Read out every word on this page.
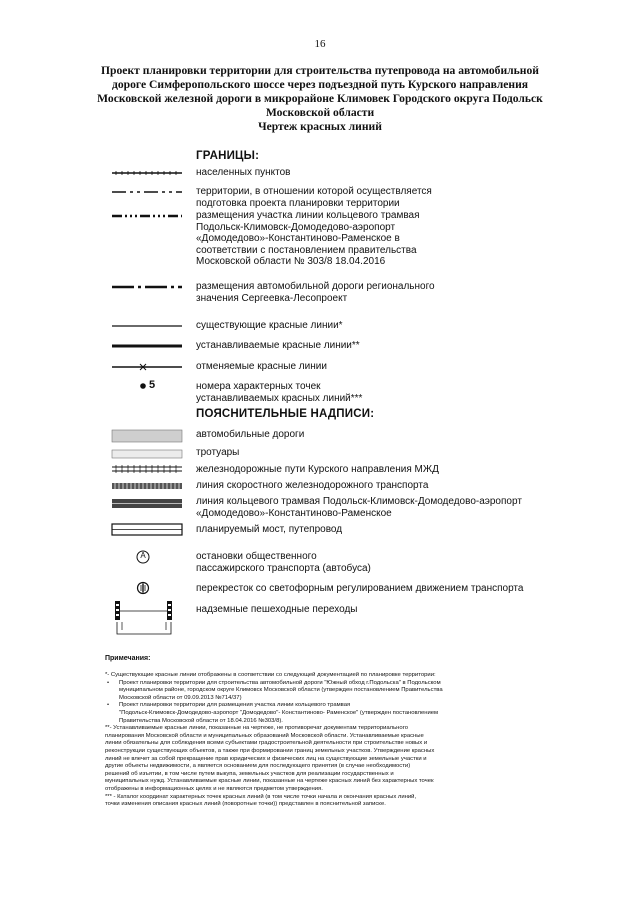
16
Проект планировки территории для строительства путепровода на автомобильной
дороге Симферопольского шоссе через подъездной путь Курского направления
Московской железной дороги в микрорайоне Климовек Городского округа Подольск
Московской области
Чертеж красных линий
ГРАНИЦЫ:
ПОЯСНИТЕЛЬНЫЕ НАДПИСИ:
5
A
населенных пунктов
территории, в отношении которой осуществляется
подготовка проекта планировки территории
размещения участка линии кольцевого трамвая
Подольск-Климовск-Домодедово-аэропорт
«Домодедово»-Константиново-Раменское в
соответствии с постановлением правительства
Московской области № 303/8 18.04.2016
размещения автомобильной дороги регионального
значения Сергеевка-Лесопроект
существующие красные линии*
устанавливаемые красные линии**
отменяемые красные линии
номера характерных точек
устанавливаемых красных линий***
автомобильные дороги
тротуары
железнодорожные пути Курского направления МЖД
линия скоростного железнодорожного транспорта
линия кольцевого трамвая Подольск-Климовск-Домодедово-аэропорт
«Домодедово»-Константиново-Раменское
планируемый мост, путепровод
остановки общественного
пассажирского транспорта (автобуса)
перекресток со светофорным регулированием движением транспорта
надземные пешеходные переходы
Примечания:
*- Существующие красные линии отображены в соответствии со следующей документацией по планировке территории:
• Проект планировки территории для строительства автомобильной дороги "Южный обход г.Подольска" в Подольском
муниципальном районе, городском округе Климовск Московской области (утвержден постановлением Правительства
Московской области от 09.09.2013 №714/37)
• Проект планировки территории для размещения участка линии кольцевого трамвая
"Подольск-Климовск-Домодедово-аэропорт "Домодедово"- Константиново- Раменское" (утвержден постановлением
Правительства Московской области от 18.04.2016 №303/8).
**- Устанавливаемые красные линии, показанные на чертеже, не противоречат документам территориального
планирования Московской области и муниципальных образований Московской области. Устанавливаемые красные
линии обязательны для соблюдения всеми субъектами градостроительной деятельности при строительстве новых и
реконструкции существующих объектов, а также при формировании границ земельных участков. Утверждение красных
линий не влечет за собой прекращение прав юридических и физических лиц на существующие земельные участки и
другие объекты недвижимости, а является основанием для последующего принятия (в случае необходимости)
решений об изъятии, в том числе путем выкупа, земельных участков для реализации государственных и
муниципальных нужд. Устанавливаемые красные линии, показанные на чертеже красных линий без характерных точек
отображены в информационных целях и не являются предметом утверждения.
*** - Каталог координат характерных точек красных линий (в том числе точки начала и окончания красных линий,
точки изменения описания красных линий (поворотные точки)) представлен в пояснительной записке.
